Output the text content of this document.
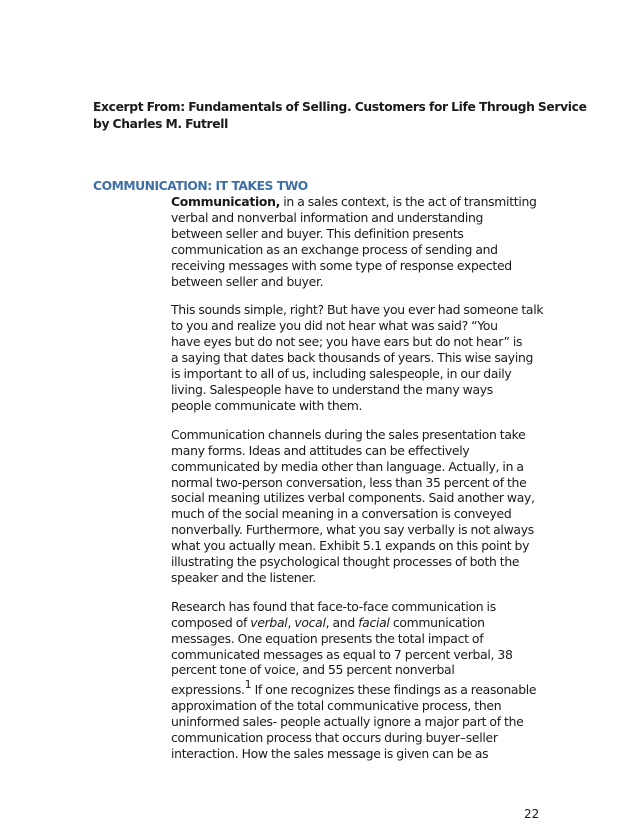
Excerpt From: Fundamentals of Selling. Customers for Life Through Service
by Charles M. Futrell
COMMUNICATION: IT TAKES TWO
Communication, in a sales context, is the act of transmitting
verbal and nonverbal information and understanding
between seller and buyer. This definition presents
communication as an exchange process of sending and
receiving messages with some type of response expected
between seller and buyer.
This sounds simple, right? But have you ever had someone talk
to you and realize you did not hear what was said? “You
have eyes but do not see; you have ears but do not hear” is
a saying that dates back thousands of years. This wise saying
is important to all of us, including salespeople, in our daily
living. Salespeople have to understand the many ways
people communicate with them.
Communication channels during the sales presentation take
many forms. Ideas and attitudes can be effectively
communicated by media other than language. Actually, in a
normal two-person conversation, less than 35 percent of the
social meaning utilizes verbal components. Said another way,
much of the social meaning in a conversation is conveyed
nonverbally. Furthermore, what you say verbally is not always
what you actually mean. Exhibit 5.1 expands on this point by
illustrating the psychological thought processes of both the
speaker and the listener.
Research has found that face-to-face communication is
composed of verbal, vocal, and facial communication
messages. One equation presents the total impact of
communicated messages as equal to 7 percent verbal, 38
percent tone of voice, and 55 percent nonverbal
expressions.1 If one recognizes these findings as a reasonable
approximation of the total communicative process, then
uninformed sales- people actually ignore a major part of the
communication process that occurs during buyer–seller
interaction. How the sales message is given can be as
22
